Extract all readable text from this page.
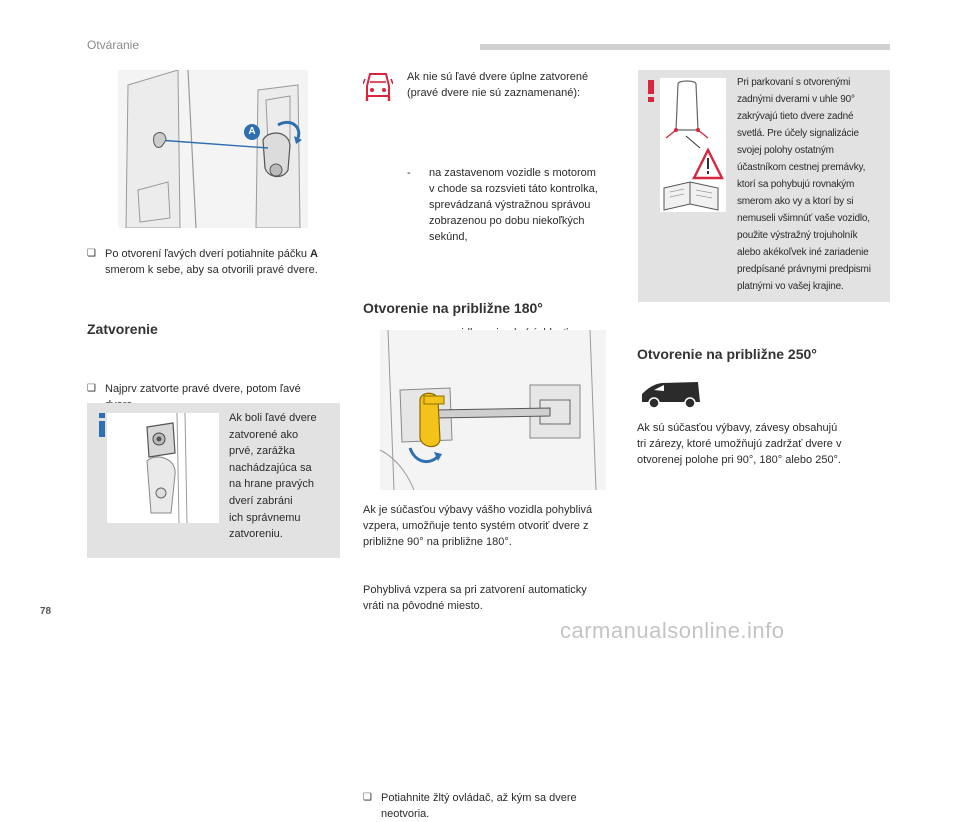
Otváranie
A
❑ Po otvorení ľavých dverí potiahnite páčku A
smerom k sebe, aby sa otvorili pravé dvere.
Zatvorenie
❑ Najprv zatvorte pravé dvere, potom ľavé

Ak boli ľavé dvere
zatvorené ako
prvé, zarážka
nachádzajúca sa
na hrane pravých
dverí zabráni
ich správnemu
zatvoreniu.
Ak nie sú ľavé dvere úplne zatvorené
(pravé dvere nie sú zaznamenané):
- na zastavenom vozidle s motorom
v chode sa rozsvieti táto kontrolka,
sprevádzaná výstražnou správou
zobrazenou po dobu niekoľkých
sekúnd,
Otvorenie na približne 180°
Ak je súčasťou výbavy vášho vozidla pohyblivá
vzpera, umožňuje tento systém otvoriť dvere z
približne 90° na približne 180°.
❑ Potiahnite žltý ovládač, až kým sa dvere
neotvoria.
Pohyblivá vzpera sa pri zatvorení automaticky
vráti na pôvodné miesto.
Pri parkovaní s otvorenými
zadnými dverami v uhle 90°
zakrývajú tieto dvere zadné
svetlá. Pre účely signalizácie
svojej polohy ostatným
účastníkom cestnej premávky,
ktorí sa pohybujú rovnakým
smerom ako vy a ktorí by si
nemuseli všimnúť vaše vozidlo,
použite výstražný trojuholník
alebo akékoľvek iné zariadenie
predpísané právnymi predpismi
platnými vo vašej krajine.
Otvorenie na približne 250°
Ak sú súčasťou výbavy, závesy obsahujú
tri zárezy, ktoré umožňujú zadržať dvere v
otvorenej polohe pri 90°, 180° alebo 250°.
78
carmanualsonline.info
